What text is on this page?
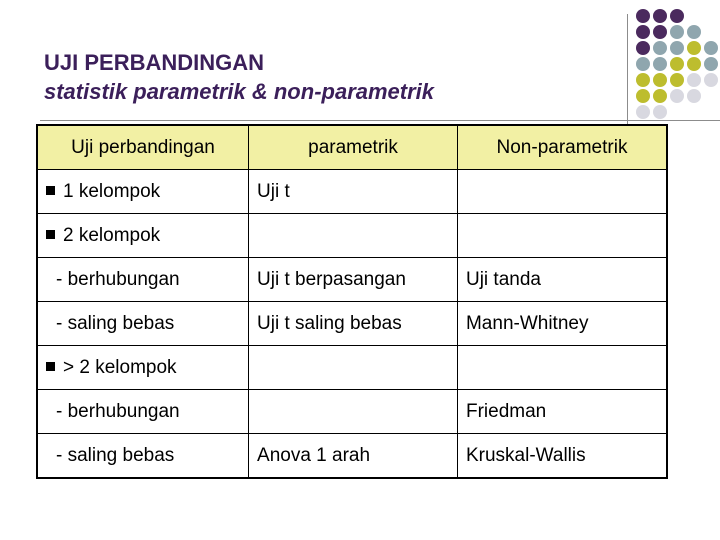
UJI PERBANDINGAN
statistik parametrik & non-parametrik
Uji perbandingan	parametrik	Non-parametrik
1 kelompok	Uji t	
2 kelompok		
- berhubungan	Uji t berpasangan	Uji tanda
- saling bebas	Uji t saling bebas	Mann-Whitney
> 2 kelompok		
- berhubungan		Friedman
- saling bebas	Anova 1 arah	Kruskal-Wallis
